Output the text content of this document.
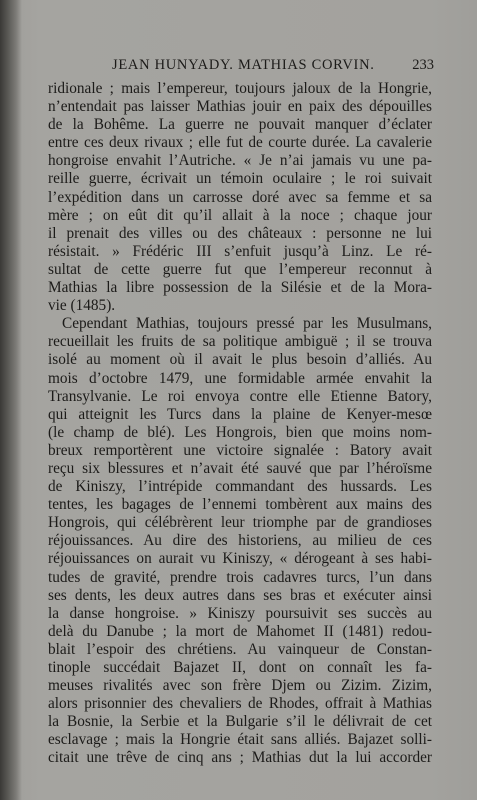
JEAN HUNYADY. MATHIAS CORVIN.	233
ridionale ; mais l’empereur, toujours jaloux de la Hongrie,
n’entendait pas laisser Mathias jouir en paix des dépouilles
de la Bohême. La guerre ne pouvait manquer d’éclater
entre ces deux rivaux ; elle fut de courte durée. La cavalerie
hongroise envahit l’Autriche. « Je n’ai jamais vu une pa-
reille guerre, écrivait un témoin oculaire ; le roi suivait
l’expédition dans un carrosse doré avec sa femme et sa
mère ; on eût dit qu’il allait à la noce ; chaque jour
il prenait des villes ou des châteaux : personne ne lui
résistait. » Frédéric III s’enfuit jusqu’à Linz. Le ré-
sultat de cette guerre fut que l’empereur reconnut à
Mathias la libre possession de la Silésie et de la Mora-
vie (1485).
Cependant Mathias, toujours pressé par les Musulmans,
recueillait les fruits de sa politique ambiguë ; il se trouva
isolé au moment où il avait le plus besoin d’alliés. Au
mois d’octobre 1479, une formidable armée envahit la
Transylvanie. Le roi envoya contre elle Etienne Batory,
qui atteignit les Turcs dans la plaine de Kenyer-mesœ
(le champ de blé). Les Hongrois, bien que moins nom-
breux remportèrent une victoire signalée : Batory avait
reçu six blessures et n’avait été sauvé que par l’héroïsme
de Kiniszy, l’intrépide commandant des hussards. Les
tentes, les bagages de l’ennemi tombèrent aux mains des
Hongrois, qui célébrèrent leur triomphe par de grandioses
réjouissances. Au dire des historiens, au milieu de ces
réjouissances on aurait vu Kiniszy, « dérogeant à ses habi-
tudes de gravité, prendre trois cadavres turcs, l’un dans
ses dents, les deux autres dans ses bras et exécuter ainsi
la danse hongroise. » Kiniszy poursuivit ses succès au
delà du Danube ; la mort de Mahomet II (1481) redou-
blait l’espoir des chrétiens. Au vainqueur de Constan-
tinople succédait Bajazet II, dont on connaît les fa-
meuses rivalités avec son frère Djem ou Zizim. Zizim,
alors prisonnier des chevaliers de Rhodes, offrait à Mathias
la Bosnie, la Serbie et la Bulgarie s’il le délivrait de cet
esclavage ; mais la Hongrie était sans alliés. Bajazet solli-
citait une trêve de cinq ans ; Mathias dut la lui accorder
